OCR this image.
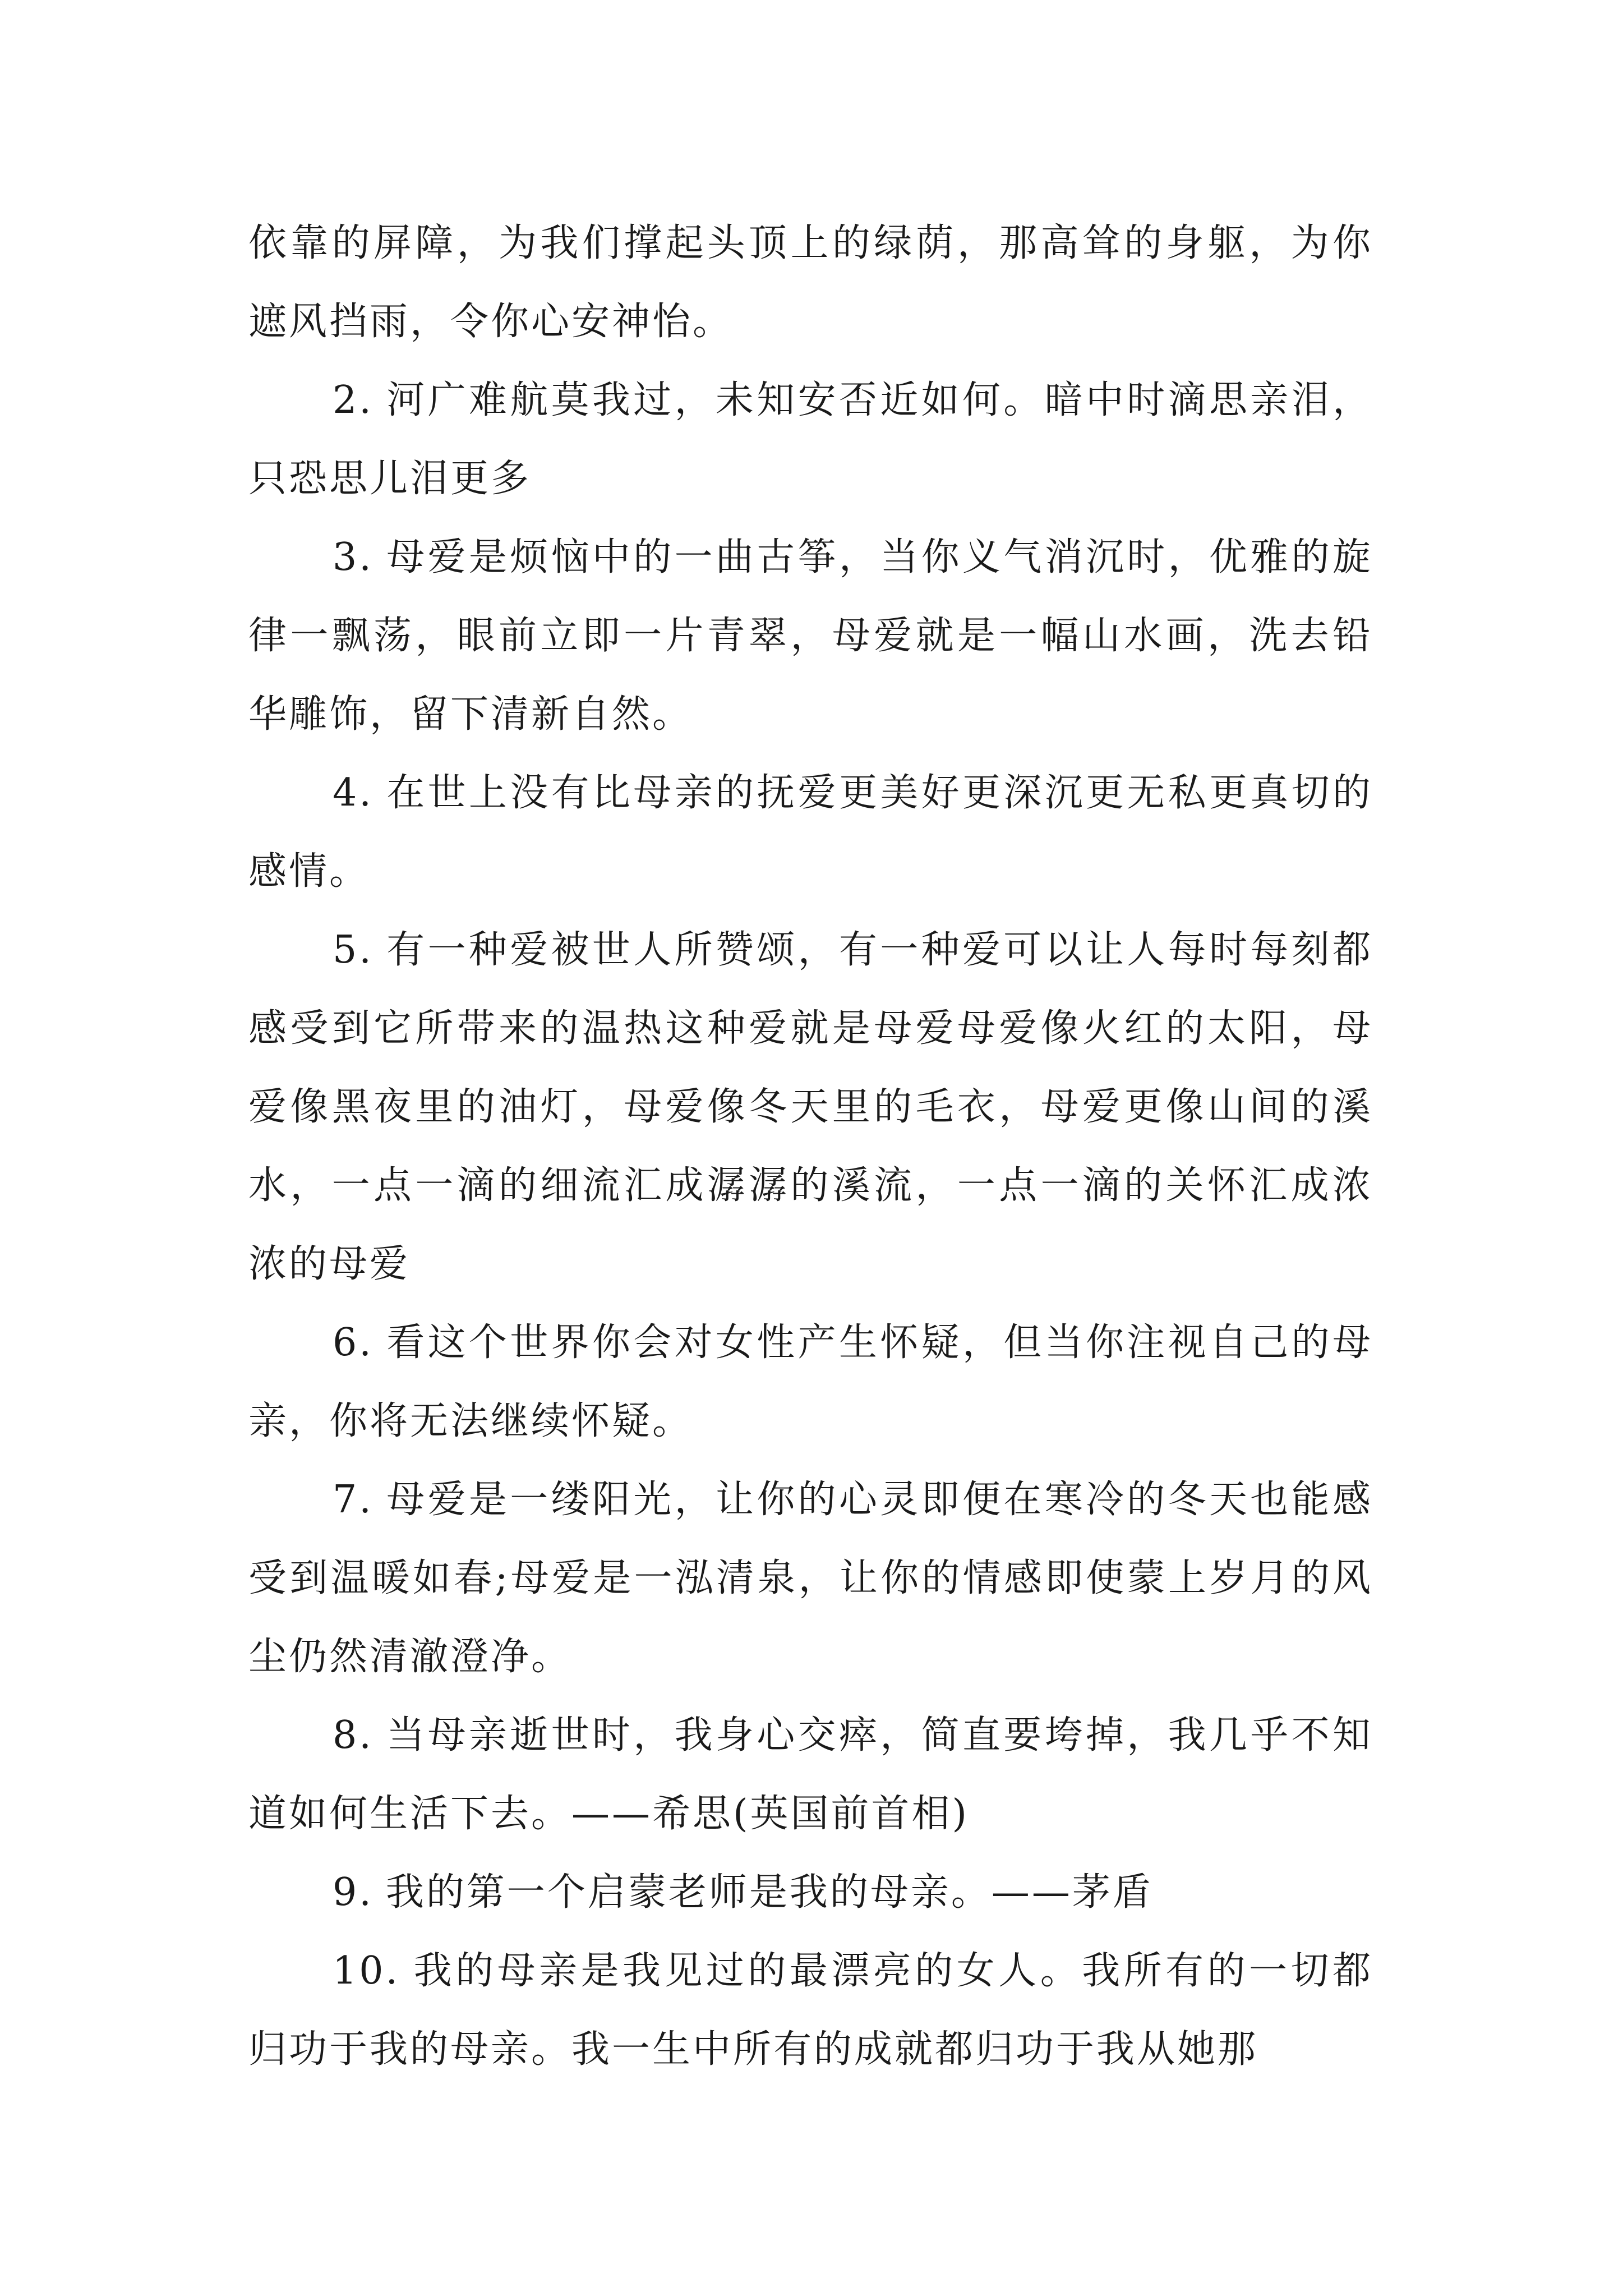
依靠的屏障，为我们撑起头顶上的绿荫，那高耸的身躯，为你遮风挡雨，令你心安神怡。

2. 河广难航莫我过，未知安否近如何。暗中时滴思亲泪，只恐思儿泪更多

3. 母爱是烦恼中的一曲古筝，当你义气消沉时，优雅的旋律一飘荡，眼前立即一片青翠，母爱就是一幅山水画，洗去铅华雕饰，留下清新自然。

4. 在世上没有比母亲的抚爱更美好更深沉更无私更真切的感情。

5. 有一种爱被世人所赞颂，有一种爱可以让人每时每刻都感受到它所带来的温热这种爱就是母爱母爱像火红的太阳，母爱像黑夜里的油灯，母爱像冬天里的毛衣，母爱更像山间的溪水，一点一滴的细流汇成潺潺的溪流，一点一滴的关怀汇成浓浓的母爱

6. 看这个世界你会对女性产生怀疑，但当你注视自己的母亲，你将无法继续怀疑。

7. 母爱是一缕阳光，让你的心灵即便在寒冷的冬天也能感受到温暖如春;母爱是一泓清泉，让你的情感即使蒙上岁月的风尘仍然清澈澄净。

8. 当母亲逝世时，我身心交瘁，简直要垮掉，我几乎不知道如何生活下去。——希思(英国前首相)

9. 我的第一个启蒙老师是我的母亲。——茅盾

10. 我的母亲是我见过的最漂亮的女人。我所有的一切都归功于我的母亲。我一生中所有的成就都归功于我从她那
